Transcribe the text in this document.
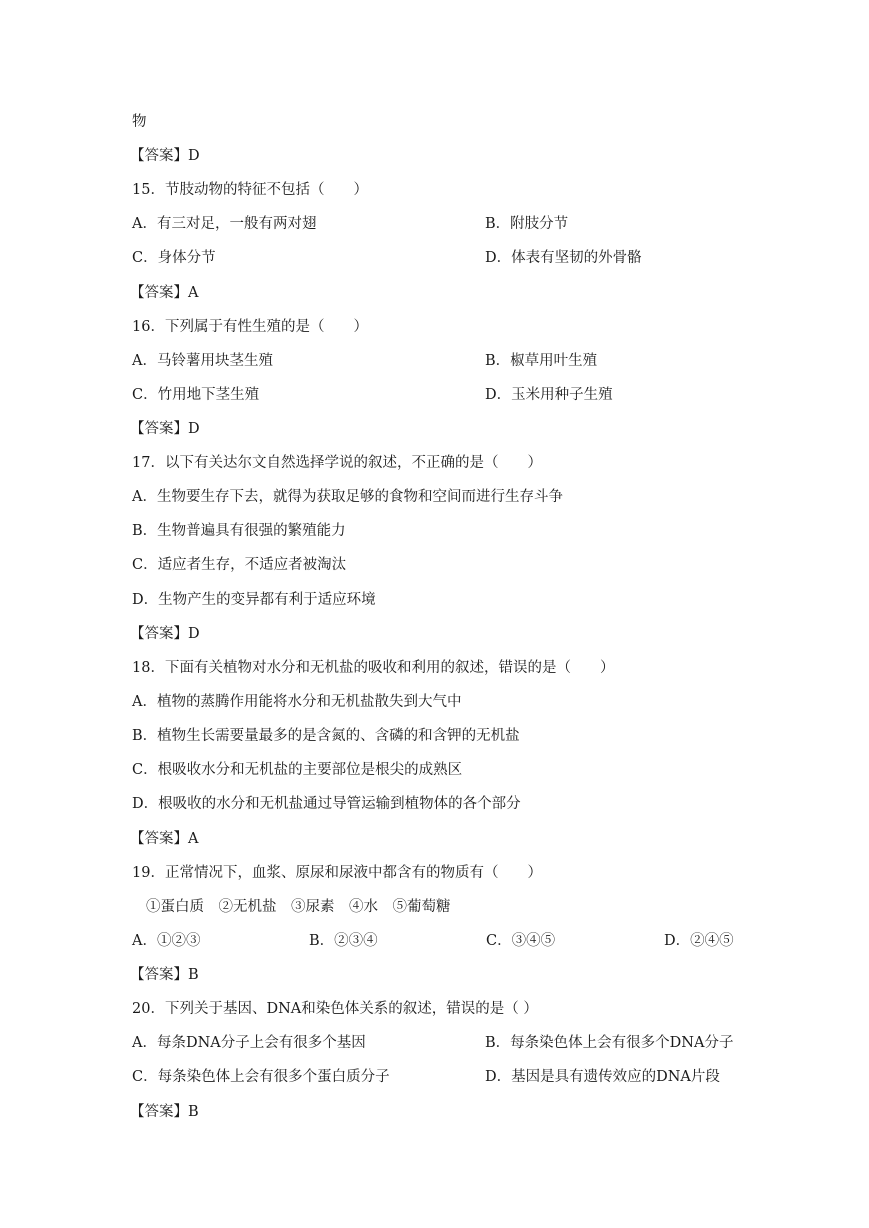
物
【答案】D
15．节肢动物的特征不包括（　　）
A．有三对足，一般有两对翅	B．附肢分节
C．身体分节	D．体表有坚韧的外骨骼
【答案】A
16．下列属于有性生殖的是（　　）
A．马铃薯用块茎生殖	B．椒草用叶生殖
C．竹用地下茎生殖	D．玉米用种子生殖
【答案】D
17．以下有关达尔文自然选择学说的叙述，不正确的是（　　）
A．生物要生存下去，就得为获取足够的食物和空间而进行生存斗争
B．生物普遍具有很强的繁殖能力
C．适应者生存，不适应者被淘汰
D．生物产生的变异都有利于适应环境
【答案】D
18．下面有关植物对水分和无机盐的吸收和利用的叙述，错误的是（　　）
A．植物的蒸腾作用能将水分和无机盐散失到大气中
B．植物生长需要量最多的是含氮的、含磷的和含钾的无机盐
C．根吸收水分和无机盐的主要部位是根尖的成熟区
D．根吸收的水分和无机盐通过导管运输到植物体的各个部分
【答案】A
19．正常情况下，血浆、原尿和尿液中都含有的物质有（　　）
①蛋白质　②无机盐　③尿素　④水　⑤葡萄糖
A．①②③	B．②③④	C．③④⑤	D．②④⑤
【答案】B
20．下列关于基因、DNA和染色体关系的叙述，错误的是（ ）
A．每条DNA分子上会有很多个基因	B．每条染色体上会有很多个DNA分子
C．每条染色体上会有很多个蛋白质分子	D．基因是具有遗传效应的DNA片段
【答案】B
